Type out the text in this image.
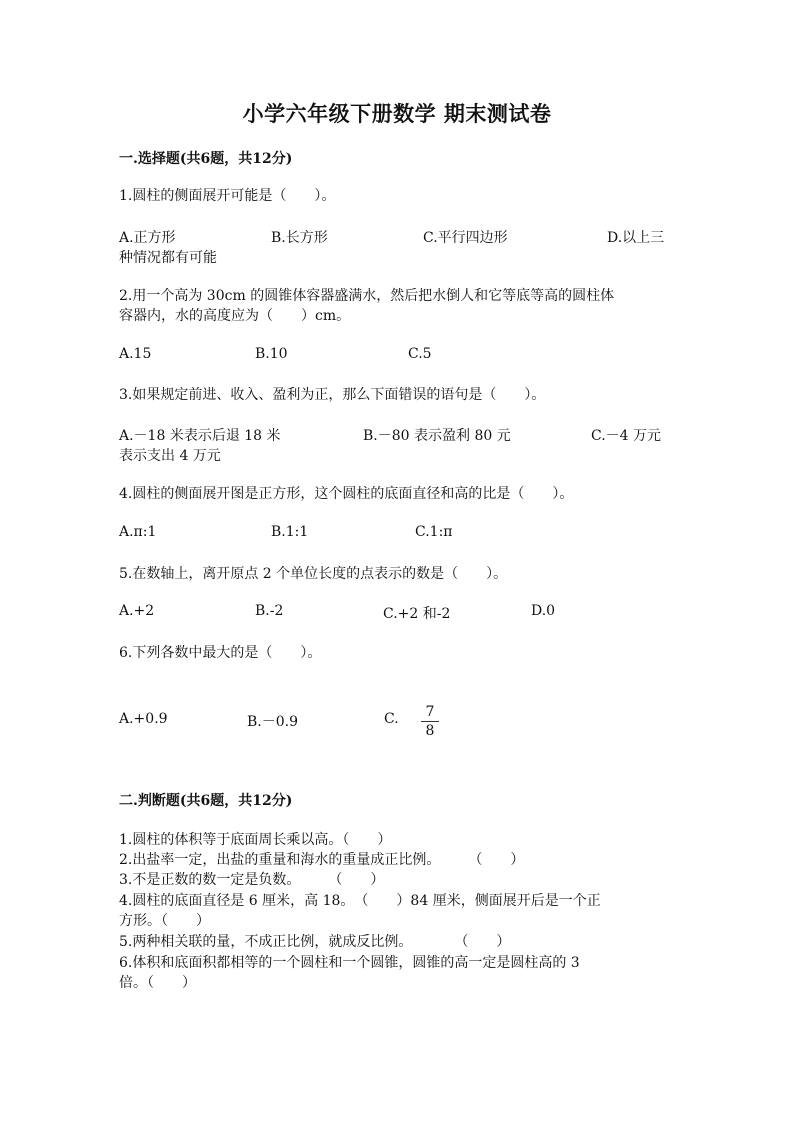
小学六年级下册数学 期末测试卷
一.选择题(共6题，共12分)
1.圆柱的侧面展开可能是（　　）。
A.正方形	B.长方形	C.平行四边形	D.以上三
种情况都有可能
2.用一个高为 30cm 的圆锥体容器盛满水，然后把水倒人和它等底等高的圆柱体
容器内，水的高度应为（　　）cm。
A.15	B.10	C.5
3.如果规定前进、收入、盈利为正，那么下面错误的语句是（　　）。
A.－18 米表示后退 18 米	B.－80 表示盈利 80 元	C.－4 万元
表示支出 4 万元
4.圆柱的侧面展开图是正方形，这个圆柱的底面直径和高的比是（　　）。
A.π:1	B.1:1	C.1:π
5.在数轴上，离开原点 2 个单位长度的点表示的数是（　　）。
A.+2	B.-2	C.+2 和-2	D.0
6.下列各数中最大的是（　　）。
A.+0.9	B.－0.9	C.	7
8
二.判断题(共6题，共12分)
1.圆柱的体积等于底面周长乘以高。（　　）
2.出盐率一定，出盐的重量和海水的重量成正比例。　　　（　　）
3.不是正数的数一定是负数。　　　（　　）
4.圆柱的底面直径是 6 厘米，高 18。　（　　）84 厘米，侧面展开后是一个正
方形。（　　）
5.两种相关联的量，不成正比例，就成反比例。　　　　（　　）
6.体积和底面积都相等的一个圆柱和一个圆锥，圆锥的高一定是圆柱高的 3
倍。（　　）
